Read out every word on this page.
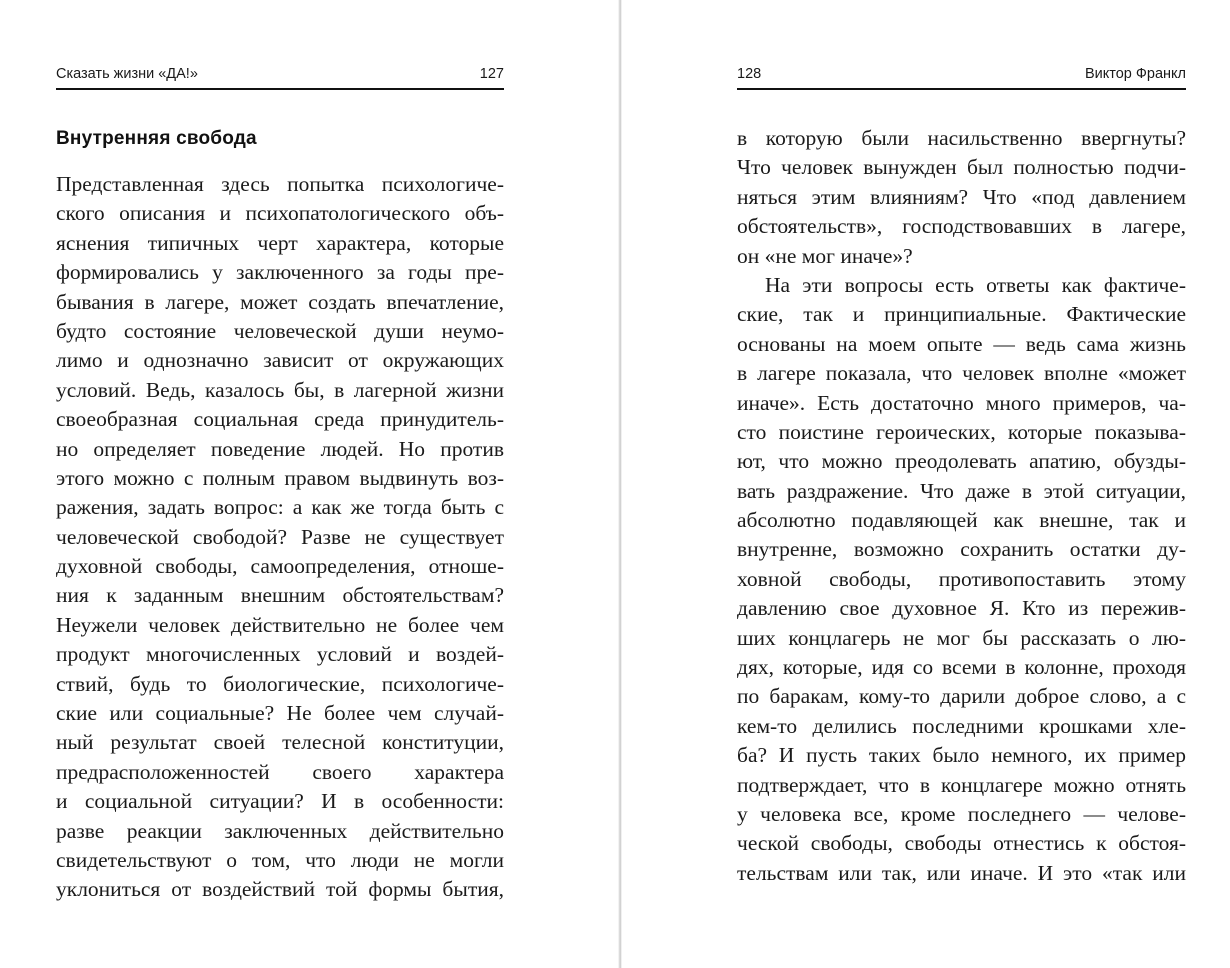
Сказать жизни «ДА!»	127
Внутренняя свобода
Представленная здесь попытка психологиче-
ского описания и психопатологического объ-
яснения типичных черт характера, которые
формировались у заключенного за годы пре-
бывания в лагере, может создать впечатление,
будто состояние человеческой души неумо-
лимо и однозначно зависит от окружающих
условий. Ведь, казалось бы, в лагерной жизни
своеобразная социальная среда принудитель-
но определяет поведение людей. Но против
этого можно с полным правом выдвинуть воз-
ражения, задать вопрос: а как же тогда быть с
человеческой свободой? Разве не существует
духовной свободы, самоопределения, отноше-
ния к заданным внешним обстоятельствам?
Неужели человек действительно не более чем
продукт многочисленных условий и воздей-
ствий, будь то биологические, психологиче-
ские или социальные? Не более чем случай-
ный результат своей телесной конституции,
предрасположенностей своего характера
и социальной ситуации? И в особенности:
разве реакции заключенных действительно
свидетельствуют о том, что люди не могли
уклониться от воздействий той формы бытия,
128	Виктор Франкл
в которую были насильственно ввергнуты?
Что человек вынужден был полностью подчи-
няться этим влияниям? Что «под давлением
обстоятельств», господствовавших в лагере,
он «не мог иначе»?
На эти вопросы есть ответы как фактиче-
ские, так и принципиальные. Фактические
основаны на моем опыте — ведь сама жизнь
в лагере показала, что человек вполне «может
иначе». Есть достаточно много примеров, ча-
сто поистине героических, которые показыва-
ют, что можно преодолевать апатию, обузды-
вать раздражение. Что даже в этой ситуации,
абсолютно подавляющей как внешне, так и
внутренне, возможно сохранить остатки ду-
ховной свободы, противопоставить этому
давлению свое духовное Я. Кто из пережив-
ших концлагерь не мог бы рассказать о лю-
дях, которые, идя со всеми в колонне, проходя
по баракам, кому-то дарили доброе слово, а с
кем-то делились последними крошками хле-
ба? И пусть таких было немного, их пример
подтверждает, что в концлагере можно отнять
у человека все, кроме последнего — челове-
ческой свободы, свободы отнестись к обстоя-
тельствам или так, или иначе. И это «так или
